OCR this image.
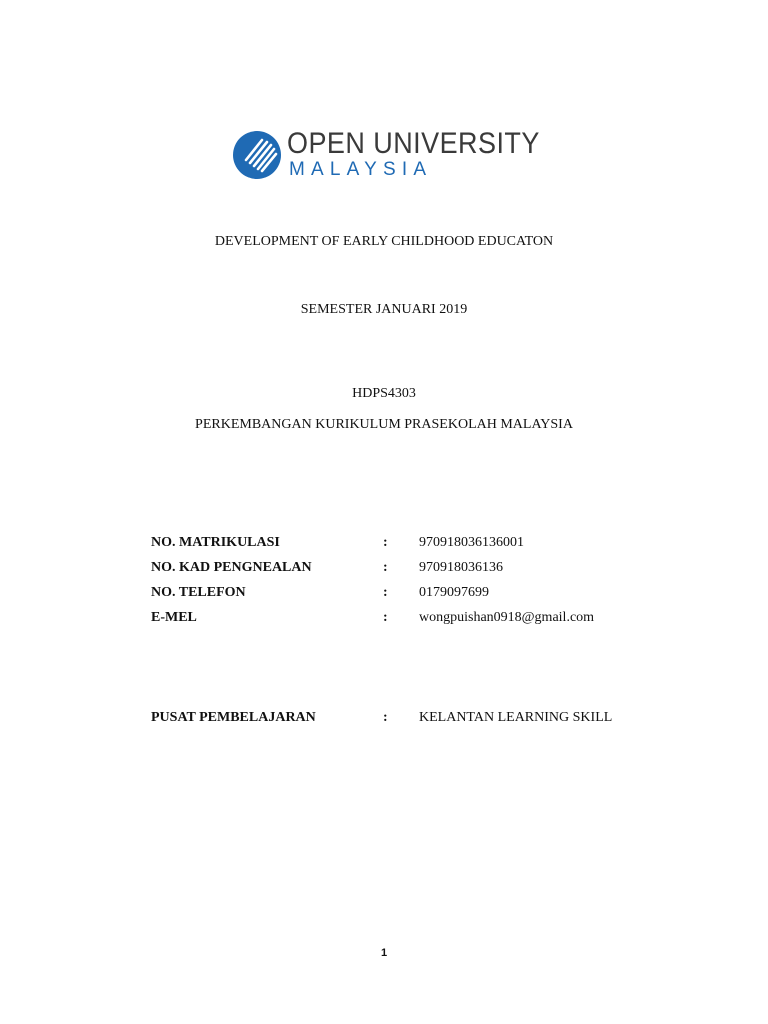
OPEN UNIVERSITY
MALAYSIA
DEVELOPMENT OF EARLY CHILDHOOD EDUCATON
SEMESTER JANUARI 2019
HDPS4303
PERKEMBANGAN KURIKULUM PRASEKOLAH MALAYSIA
NO. MATRIKULASI	: 970918036136001
NO. KAD PENGNEALAN	: 970918036136
NO. TELEFON	: 0179097699
E-MEL	: wongpuishan0918@gmail.com
PUSAT PEMBELAJARAN	: KELANTAN LEARNING SKILL
1
